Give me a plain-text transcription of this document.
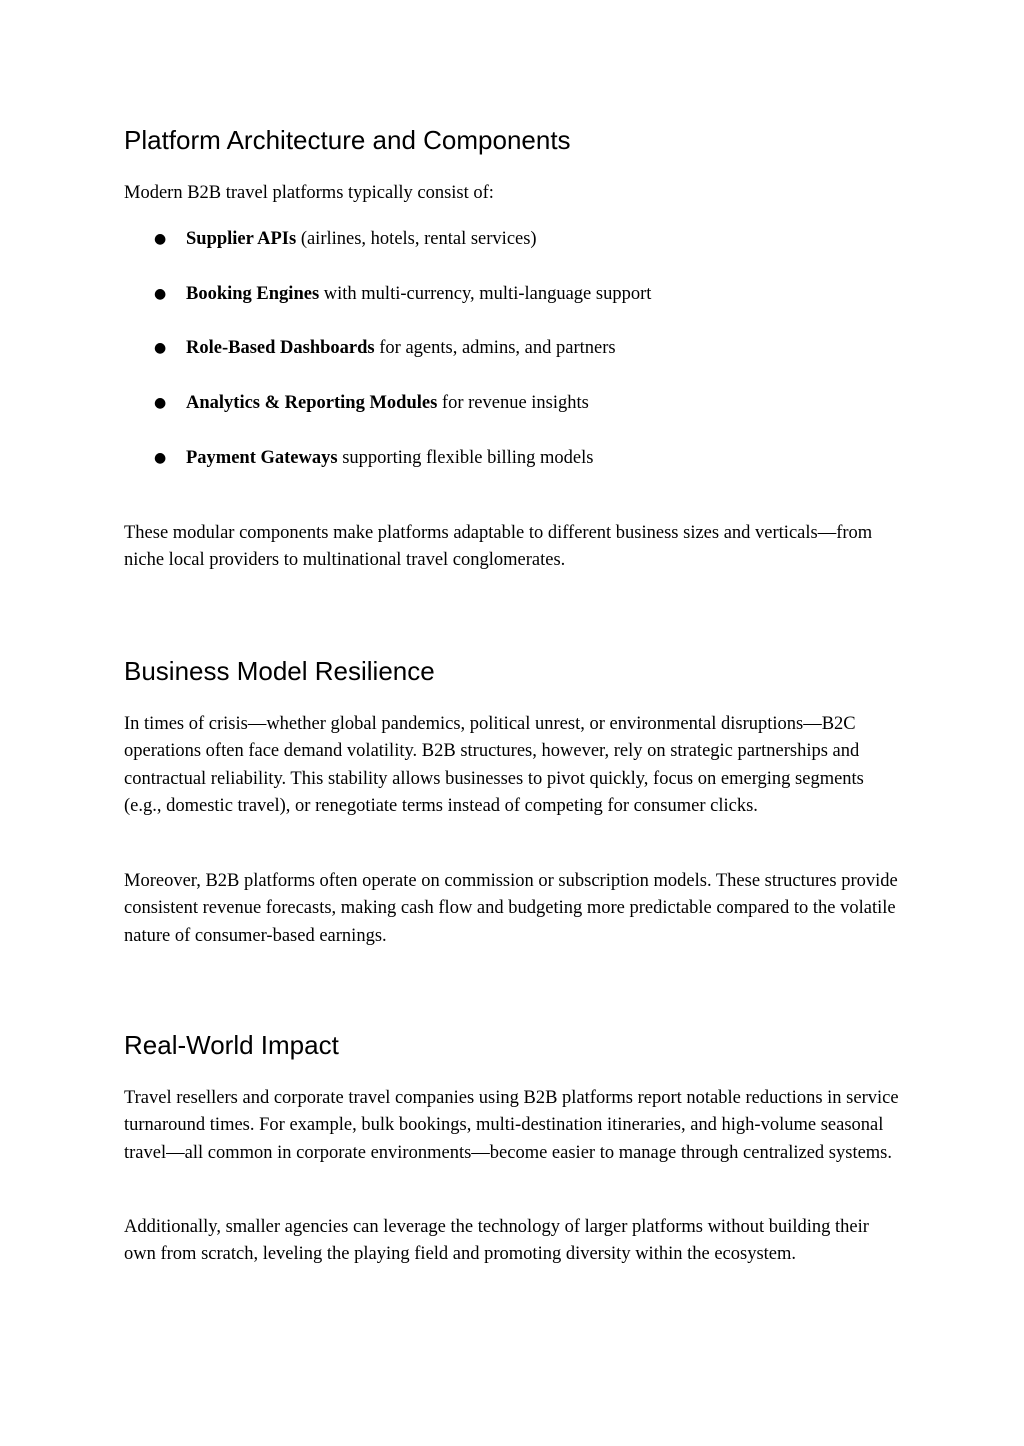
Platform Architecture and Components

Modern B2B travel platforms typically consist of:

● Supplier APIs (airlines, hotels, rental services)
● Booking Engines with multi-currency, multi-language support
● Role-Based Dashboards for agents, admins, and partners
● Analytics & Reporting Modules for revenue insights
● Payment Gateways supporting flexible billing models

These modular components make platforms adaptable to different business sizes and verticals—from niche local providers to multinational travel conglomerates.

Business Model Resilience

In times of crisis—whether global pandemics, political unrest, or environmental disruptions—B2C operations often face demand volatility. B2B structures, however, rely on strategic partnerships and contractual reliability. This stability allows businesses to pivot quickly, focus on emerging segments (e.g., domestic travel), or renegotiate terms instead of competing for consumer clicks.

Moreover, B2B platforms often operate on commission or subscription models. These structures provide consistent revenue forecasts, making cash flow and budgeting more predictable compared to the volatile nature of consumer-based earnings.

Real-World Impact

Travel resellers and corporate travel companies using B2B platforms report notable reductions in service turnaround times. For example, bulk bookings, multi-destination itineraries, and high-volume seasonal travel—all common in corporate environments—become easier to manage through centralized systems.

Additionally, smaller agencies can leverage the technology of larger platforms without building their own from scratch, leveling the playing field and promoting diversity within the ecosystem.
